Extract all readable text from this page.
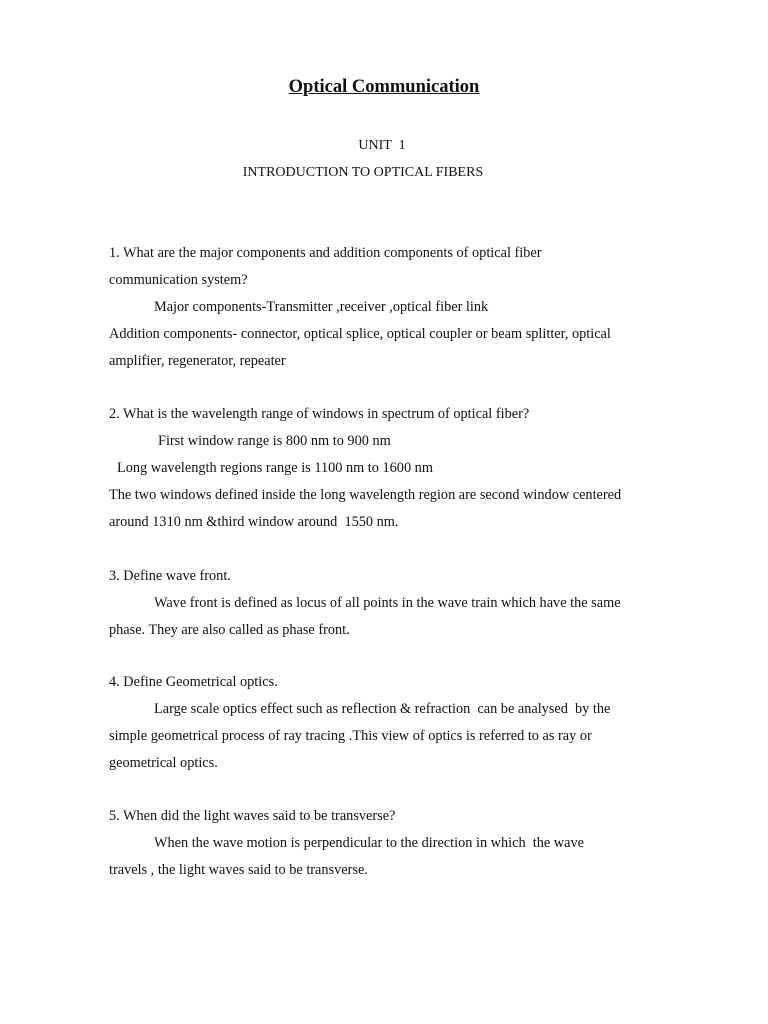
Optical Communication
UNIT  1
INTRODUCTION TO OPTICAL FIBERS
1. What are the major components and addition components of optical fiber
communication system?
Major components-Transmitter ,receiver ,optical fiber link
Addition components- connector, optical splice, optical coupler or beam splitter, optical
amplifier, regenerator, repeater
2. What is the wavelength range of windows in spectrum of optical fiber?
First window range is 800 nm to 900 nm
Long wavelength regions range is 1100 nm to 1600 nm
The two windows defined inside the long wavelength region are second window centered
around 1310 nm &third window around  1550 nm.
3. Define wave front.
Wave front is defined as locus of all points in the wave train which have the same
phase. They are also called as phase front.
4. Define Geometrical optics.
Large scale optics effect such as reflection & refraction  can be analysed  by the
simple geometrical process of ray tracing .This view of optics is referred to as ray or
geometrical optics.
5. When did the light waves said to be transverse?
When the wave motion is perpendicular to the direction in which  the wave
travels , the light waves said to be transverse.
